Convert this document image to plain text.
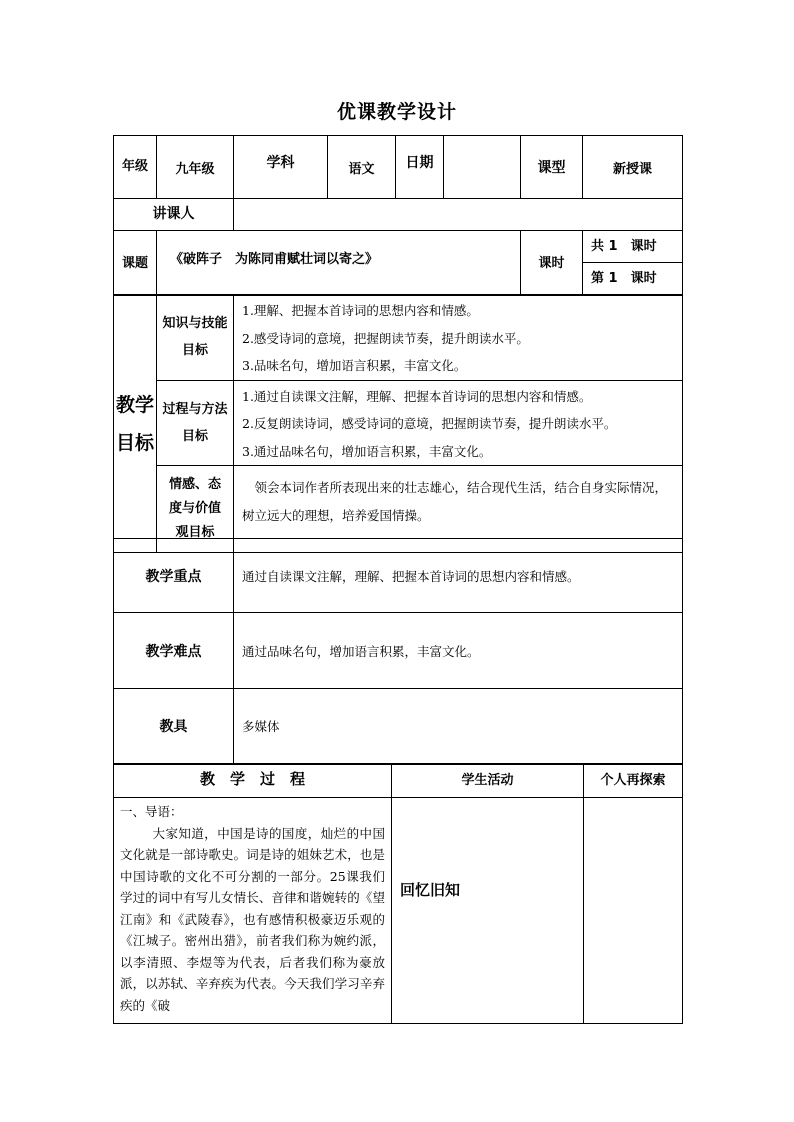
优课教学设计
年级	九年级	学科	语文	日期		课型	新授课
讲课人							
课题	《破阵子　为陈同甫赋壮词以寄之》					课时	共 1　课时
第 1　课时
教学目标	知识与技能目标	1.理解、把握本首诗词的思想内容和情感。
2.感受诗词的意境，把握朗读节奏，提升朗读水平。
3.品味名句，增加语言积累，丰富文化。

	过程与方法目标	1.通过自读课文注解，理解、把握本首诗词的思想内容和情感。
2.反复朗读诗词，感受诗词的意境，把握朗读节奏，提升朗读水平。
3.通过品味名句，增加语言积累，丰富文化。

	情感、态度与价值观目标	领会本词作者所表现出来的壮志雄心，结合现代生活，结合自身实际情况，树立远大的理想，培养爱国情操。
教学重点	通过自读课文注解，理解、把握本首诗词的思想内容和情感。
教学难点	通过品味名句，增加语言积累，丰富文化。
教具	多媒体
教　学　过　程	学生活动	个人再探索

一、导语：

大家知道，中国是诗的国度，灿烂的中国文化就是一部诗歌史。词是诗的姐妹艺术，也是中国诗歌的文化不可分割的一部分。25课我们学过的词中有写儿女情长、音律和谐婉转的《望江南》和《武陵春》，也有感情积极豪迈乐观的《江城子。密州出猎》，前者我们称为婉约派，以李清照、李煜等为代表，后者我们称为豪放派，以苏轼、辛弃疾为代表。今天我们学习辛弃疾的《破	回忆旧知	
